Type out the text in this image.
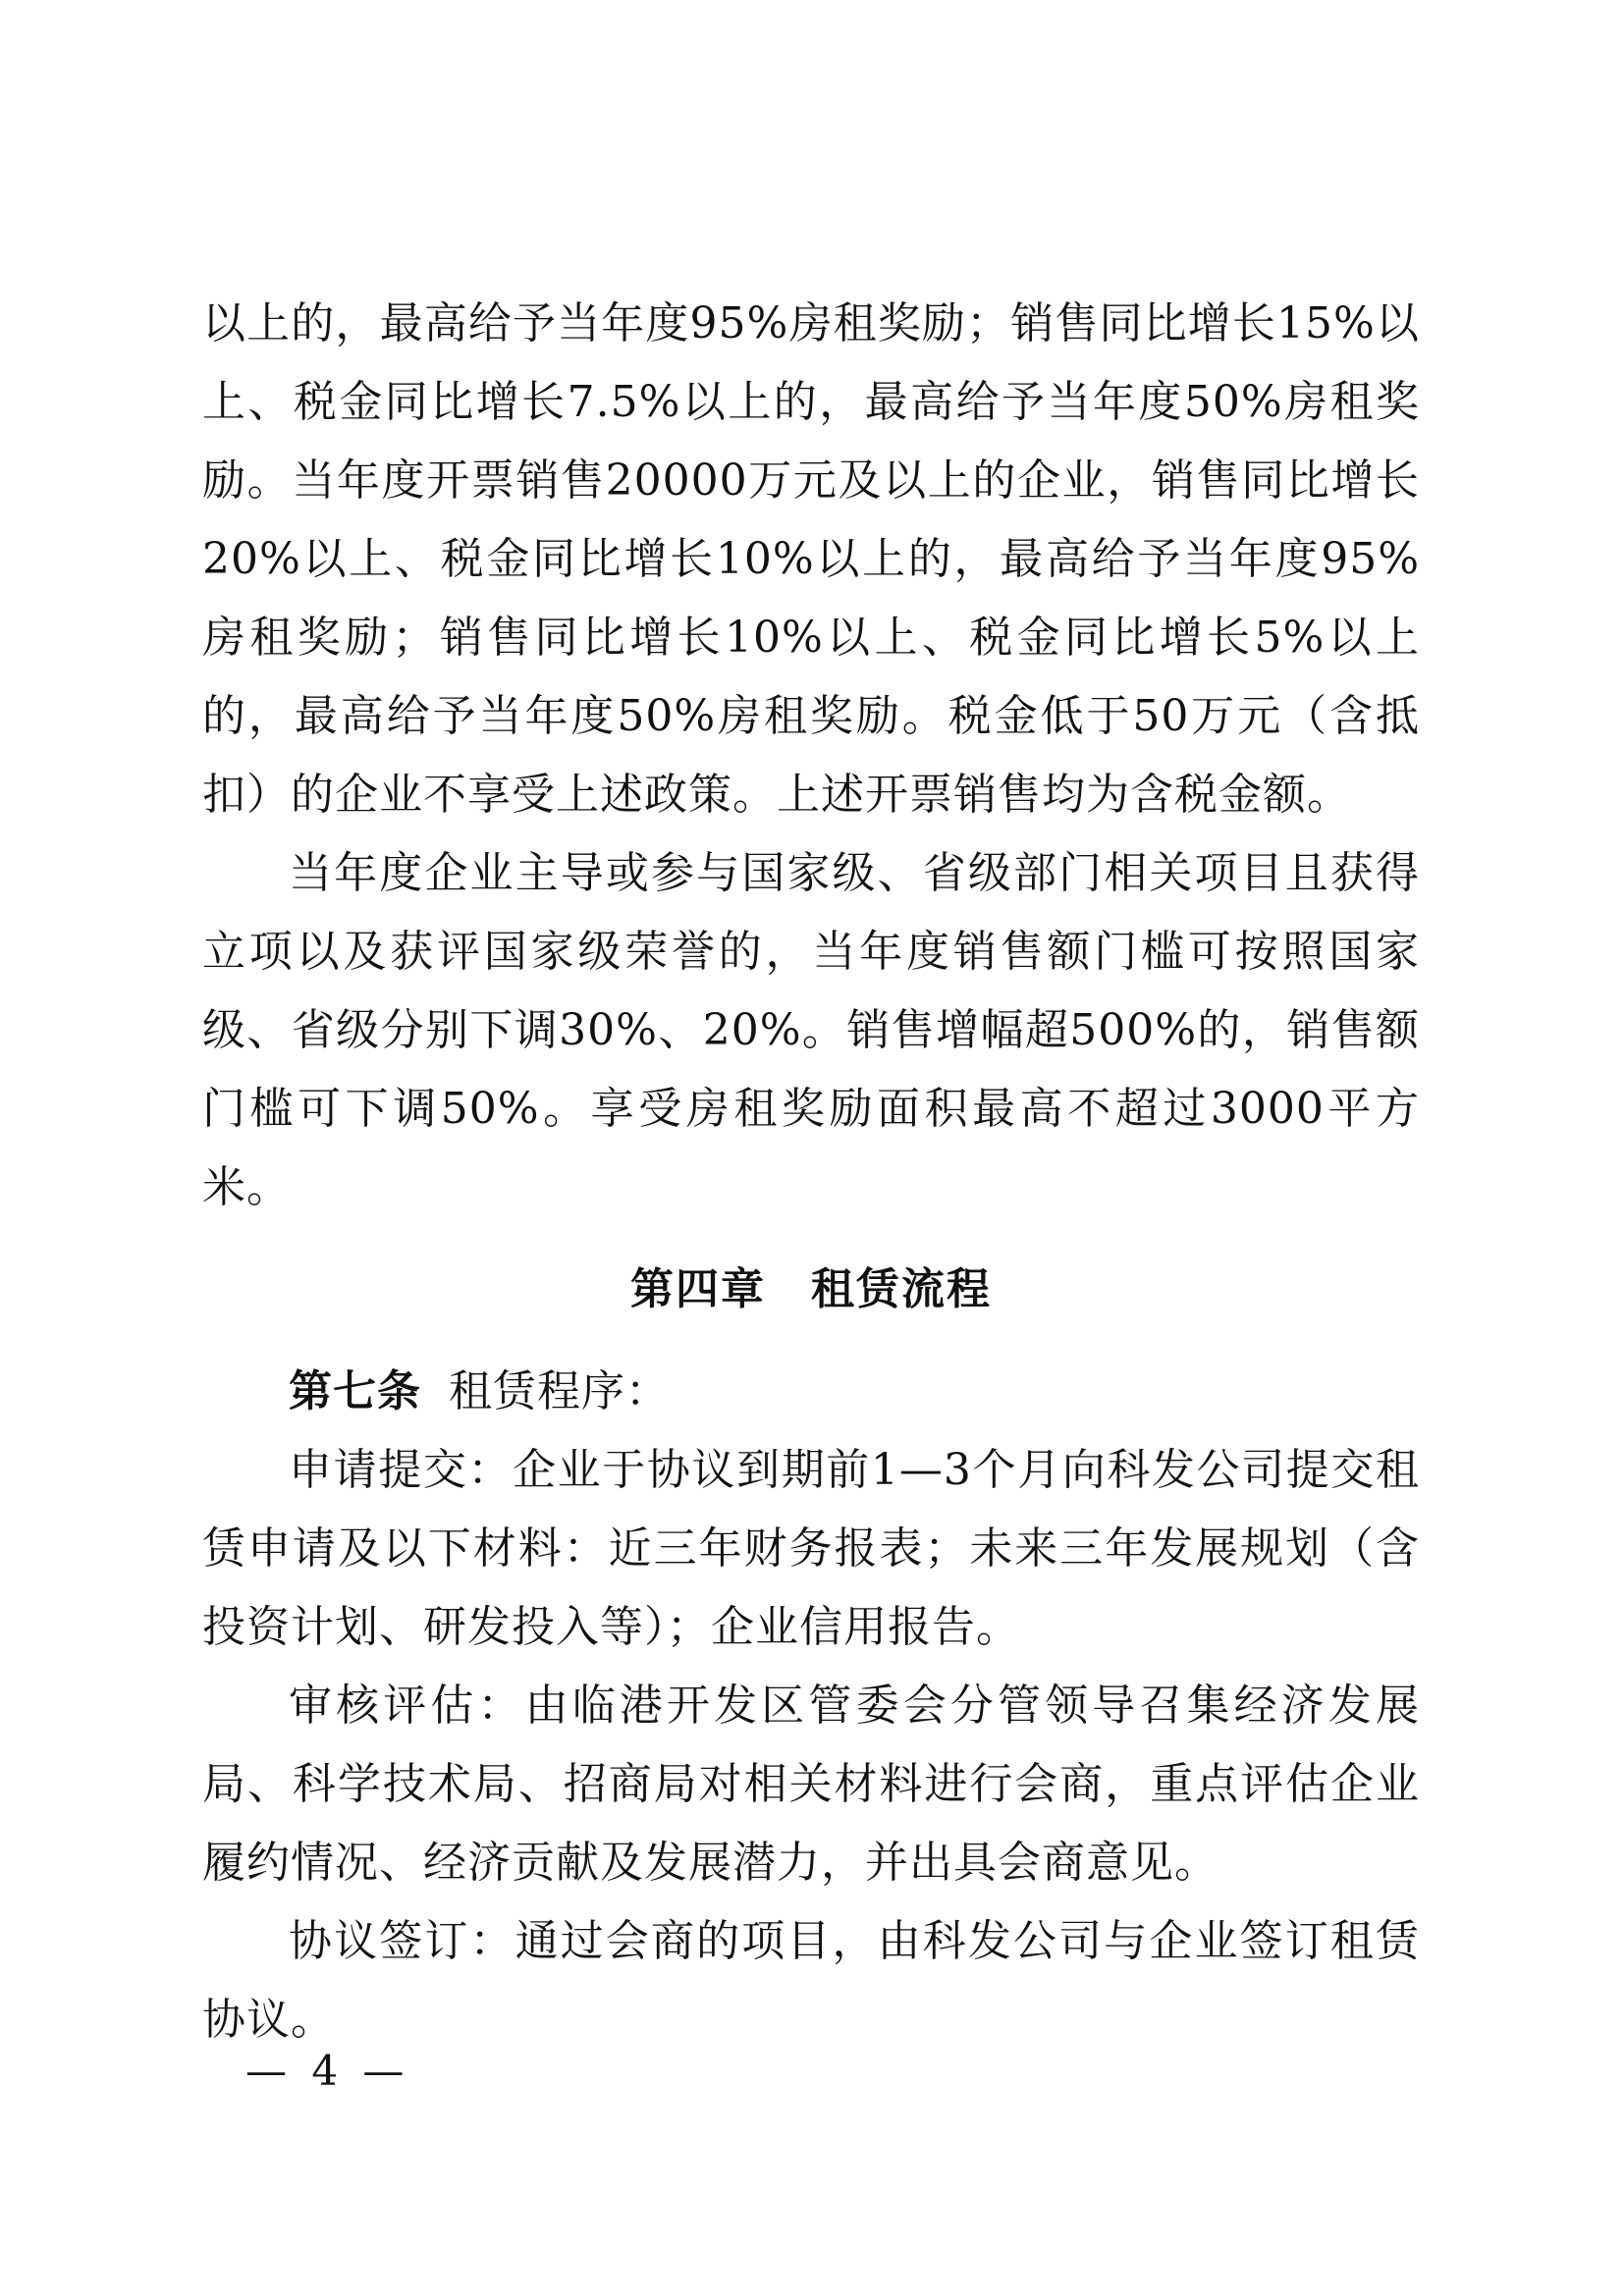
以上的，最高给予当年度95%房租奖励；销售同比增长15%以上、税金同比增长7.5%以上的，最高给予当年度50%房租奖励。当年度开票销售20000万元及以上的企业，销售同比增长20%以上、税金同比增长10%以上的，最高给予当年度95%房租奖励；销售同比增长10%以上、税金同比增长5%以上的，最高给予当年度50%房租奖励。税金低于50万元（含抵扣）的企业不享受上述政策。上述开票销售均为含税金额。

当年度企业主导或参与国家级、省级部门相关项目且获得立项以及获评国家级荣誉的，当年度销售额门槛可按照国家级、省级分别下调30%、20%。销售增幅超500%的，销售额门槛可下调50%。享受房租奖励面积最高不超过3000平方米。

第四章　租赁流程

第七条 租赁程序：

申请提交：企业于协议到期前1—3个月向科发公司提交租赁申请及以下材料：近三年财务报表；未来三年发展规划（含投资计划、研发投入等）；企业信用报告。

审核评估：由临港开发区管委会分管领导召集经济发展局、科学技术局、招商局对相关材料进行会商，重点评估企业履约情况、经济贡献及发展潜力，并出具会商意见。

协议签订：通过会商的项目，由科发公司与企业签订租赁协议。

— 4 —
